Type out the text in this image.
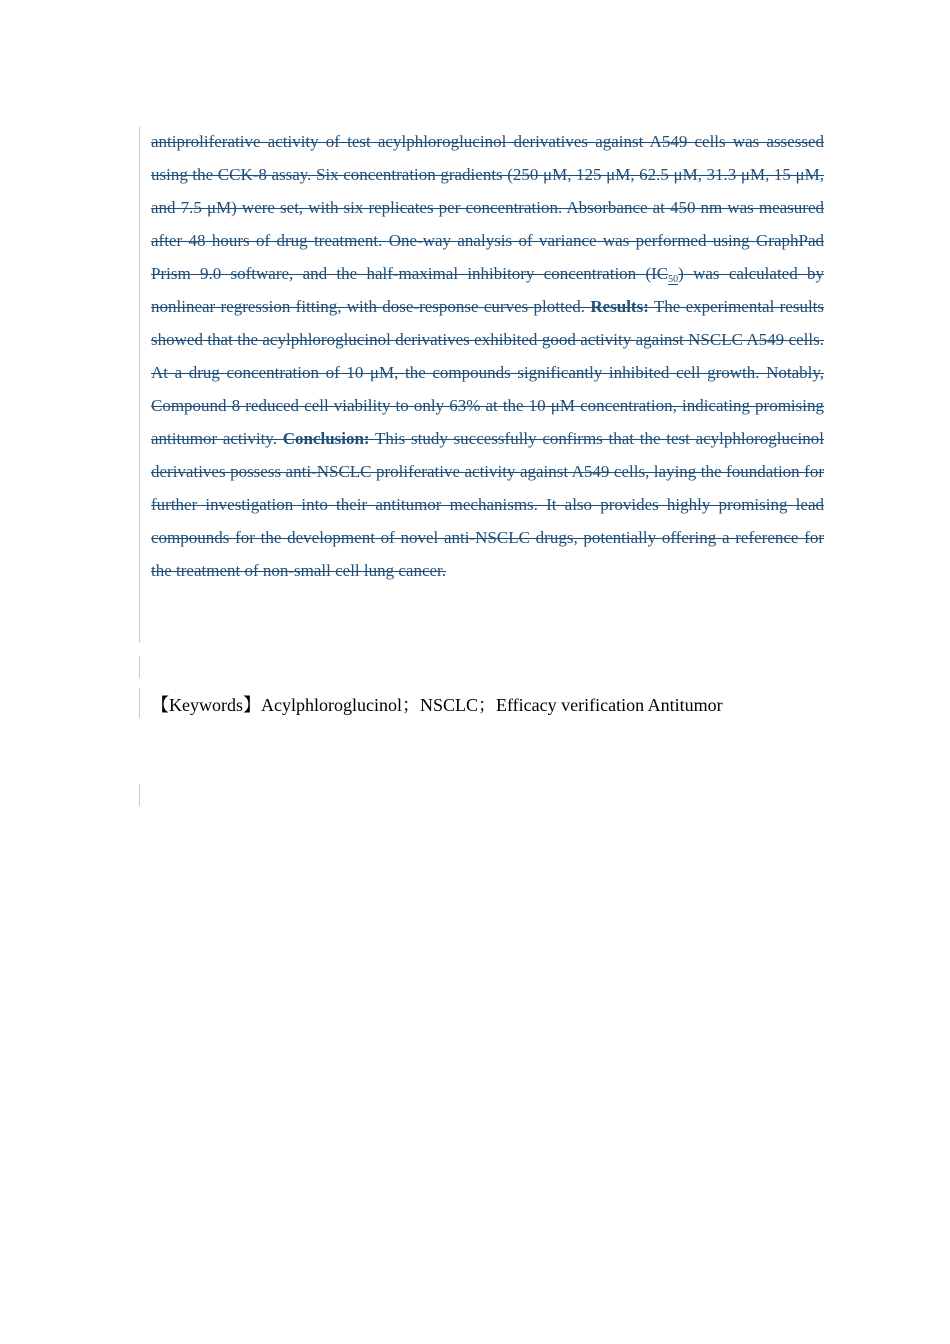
antiproliferative activity of test acylphloroglucinol derivatives against A549 cells was assessed using the CCK-8 assay. Six concentration gradients (250 μM, 125 μM, 62.5 μM, 31.3 μM, 15 μM, and 7.5 μM) were set, with six replicates per concentration. Absorbance at 450 nm was measured after 48 hours of drug treatment. One-way analysis of variance was performed using GraphPad Prism 9.0 software, and the half-maximal inhibitory concentration $(IC_{50})$ was calculated by nonlinear regression fitting, with dose-response curves plotted. Results: The experimental results showed that the acylphloroglucinol derivatives exhibited good activity against NSCLC A549 cells. At a drug concentration of 10 μM, the compounds significantly inhibited cell growth. Notably, Compound 8 reduced cell viability to only 63% at the 10 μM concentration, indicating promising antitumor activity. Conclusion: This study successfully confirms that the test acylphloroglucinol derivatives possess anti-NSCLC proliferative activity against A549 cells, laying the foundation for further investigation into their antitumor mechanisms. It also provides highly promising lead compounds for the development of novel anti-NSCLC drugs, potentially offering a reference for the treatment of non-small cell lung cancer.

【Keywords】Acylphloroglucinol；NSCLC；Efficacy verification Antitumor
